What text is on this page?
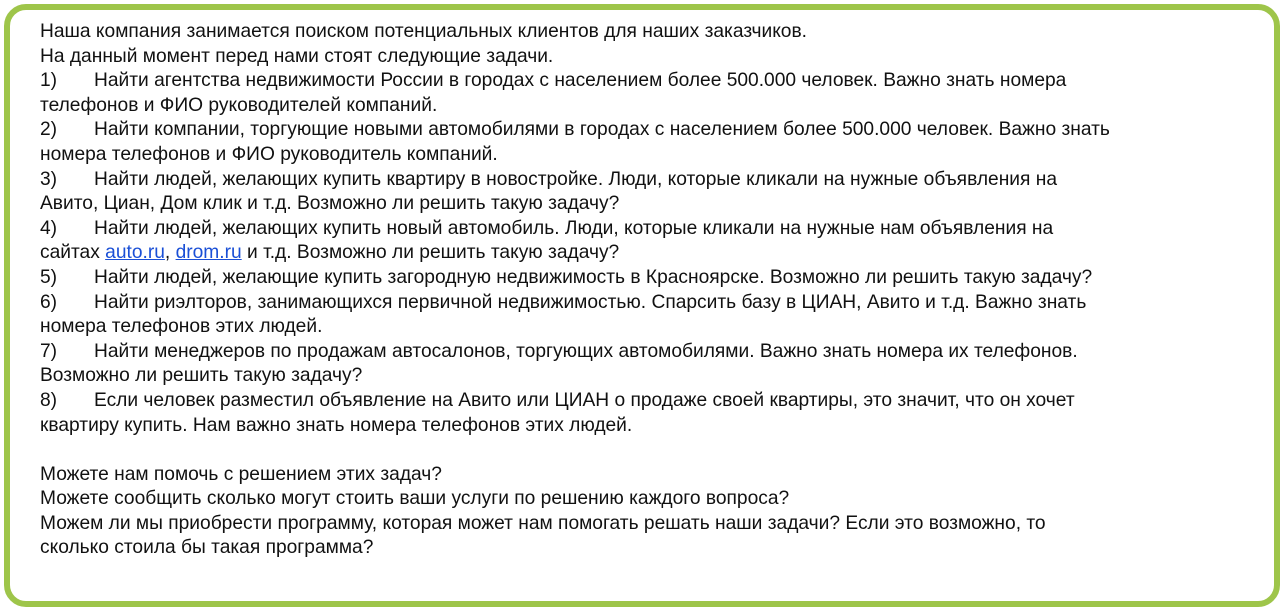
Наша компания занимается поиском потенциальных клиентов для наших заказчиков.
На данный момент перед нами стоят следующие задачи.
1) Найти агентства недвижимости России в городах с населением более 500.000 человек. Важно знать номера
телефонов и ФИО руководителей компаний.
2) Найти компании, торгующие новыми автомобилями в городах с населением более 500.000 человек. Важно знать
номера телефонов и ФИО руководитель компаний.
3) Найти людей, желающих купить квартиру в новостройке. Люди, которые кликали на нужные объявления на
Авито, Циан, Дом клик и т.д. Возможно ли решить такую задачу?
4) Найти людей, желающих купить новый автомобиль. Люди, которые кликали на нужные нам объявления на
сайтах auto.ru, drom.ru и т.д. Возможно ли решить такую задачу?
5) Найти людей, желающие купить загородную недвижимость в Красноярске. Возможно ли решить такую задачу?
6) Найти риэлторов, занимающихся первичной недвижимостью. Спарсить базу в ЦИАН, Авито и т.д. Важно знать
номера телефонов этих людей.
7) Найти менеджеров по продажам автосалонов, торгующих автомобилями. Важно знать номера их телефонов.
Возможно ли решить такую задачу?
8) Если человек разместил объявление на Авито или ЦИАН о продаже своей квартиры, это значит, что он хочет
квартиру купить. Нам важно знать номера телефонов этих людей.
Можете нам помочь с решением этих задач?
Можете сообщить сколько могут стоить ваши услуги по решению каждого вопроса?
Можем ли мы приобрести программу, которая может нам помогать решать наши задачи? Если это возможно, то
сколько стоила бы такая программа?
